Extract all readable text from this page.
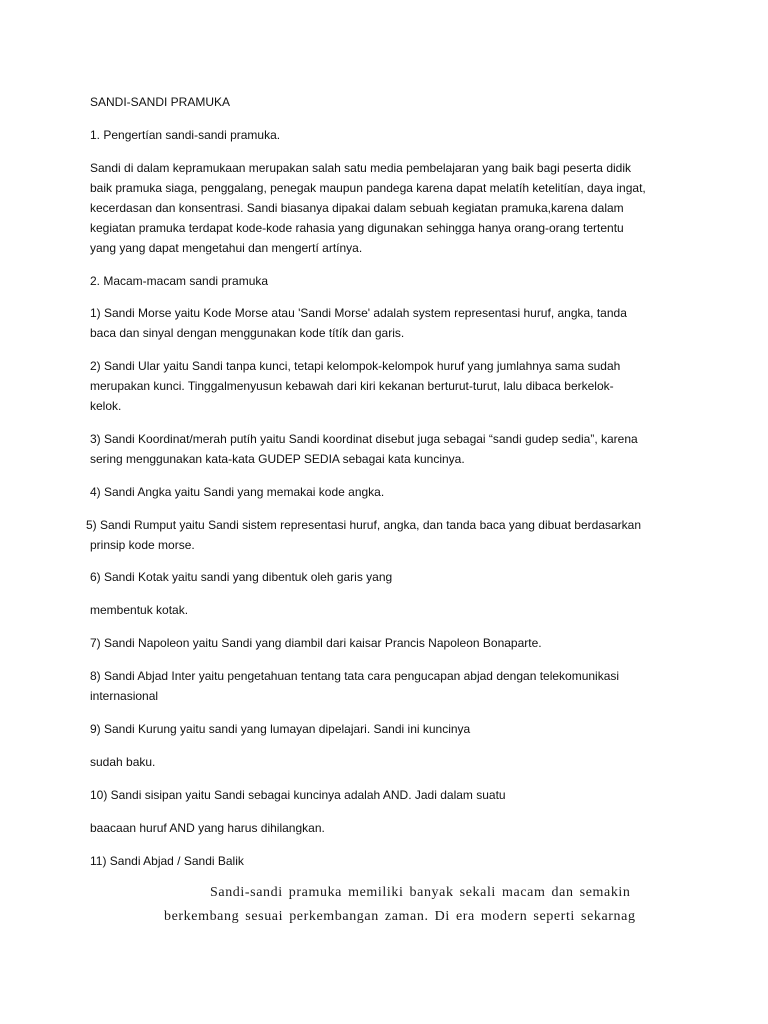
SANDI-SANDI PRAMUKA

1. Pengertían sandi-sandi pramuka.

Sandi di dalam kepramukaan merupakan salah satu media pembelajaran yang baik bagi peserta didik

baik pramuka siaga, penggalang, penegak maupun pandega karena dapat melatíh ketelitían, daya ingat,

kecerdasan dan konsentrasi. Sandi biasanya dipakai dalam sebuah kegiatan pramuka,karena dalam

kegiatan pramuka terdapat kode-kode rahasia yang digunakan sehingga hanya orang-orang tertentu

yang yang dapat mengetahui dan mengertí artínya.

2. Macam-macam sandi pramuka

1) Sandi Morse yaitu Kode Morse atau 'Sandi Morse' adalah system representasi huruf, angka, tanda

baca dan sinyal dengan menggunakan kode títík dan garis.

2) Sandi Ular yaitu Sandi tanpa kunci, tetapi kelompok-kelompok huruf yang jumlahnya sama sudah

merupakan kunci. Tinggalmenyusun kebawah dari kiri kekanan berturut-turut, lalu dibaca berkelok-

kelok.

3) Sandi Koordinat/merah putíh yaitu Sandi koordinat disebut juga sebagai “sandi gudep sedia”, karena

sering menggunakan kata-kata GUDEP SEDIA sebagai kata kuncinya.

4) Sandi Angka yaitu Sandi yang memakai kode angka.

5) Sandi Rumput yaitu Sandi sistem representasi huruf, angka, dan tanda baca yang dibuat berdasarkan

prinsip kode morse.

6) Sandi Kotak yaitu sandi yang dibentuk oleh garis yang

membentuk kotak.

7) Sandi Napoleon yaitu Sandi yang diambil dari kaisar Prancis Napoleon Bonaparte.

8) Sandi Abjad Inter yaitu pengetahuan tentang tata cara pengucapan abjad dengan telekomunikasi

internasional

9) Sandi Kurung yaitu sandi yang lumayan dipelajari. Sandi ini kuncinya

sudah baku.

10) Sandi sisipan yaitu Sandi sebagai kuncinya adalah AND. Jadi dalam suatu

baacaan huruf AND yang harus dihilangkan.

11) Sandi Abjad / Sandi Balik

Sandi-sandi pramuka memiliki banyak sekali macam dan semakin

berkembang sesuai perkembangan zaman. Di era modern seperti sekarnag
